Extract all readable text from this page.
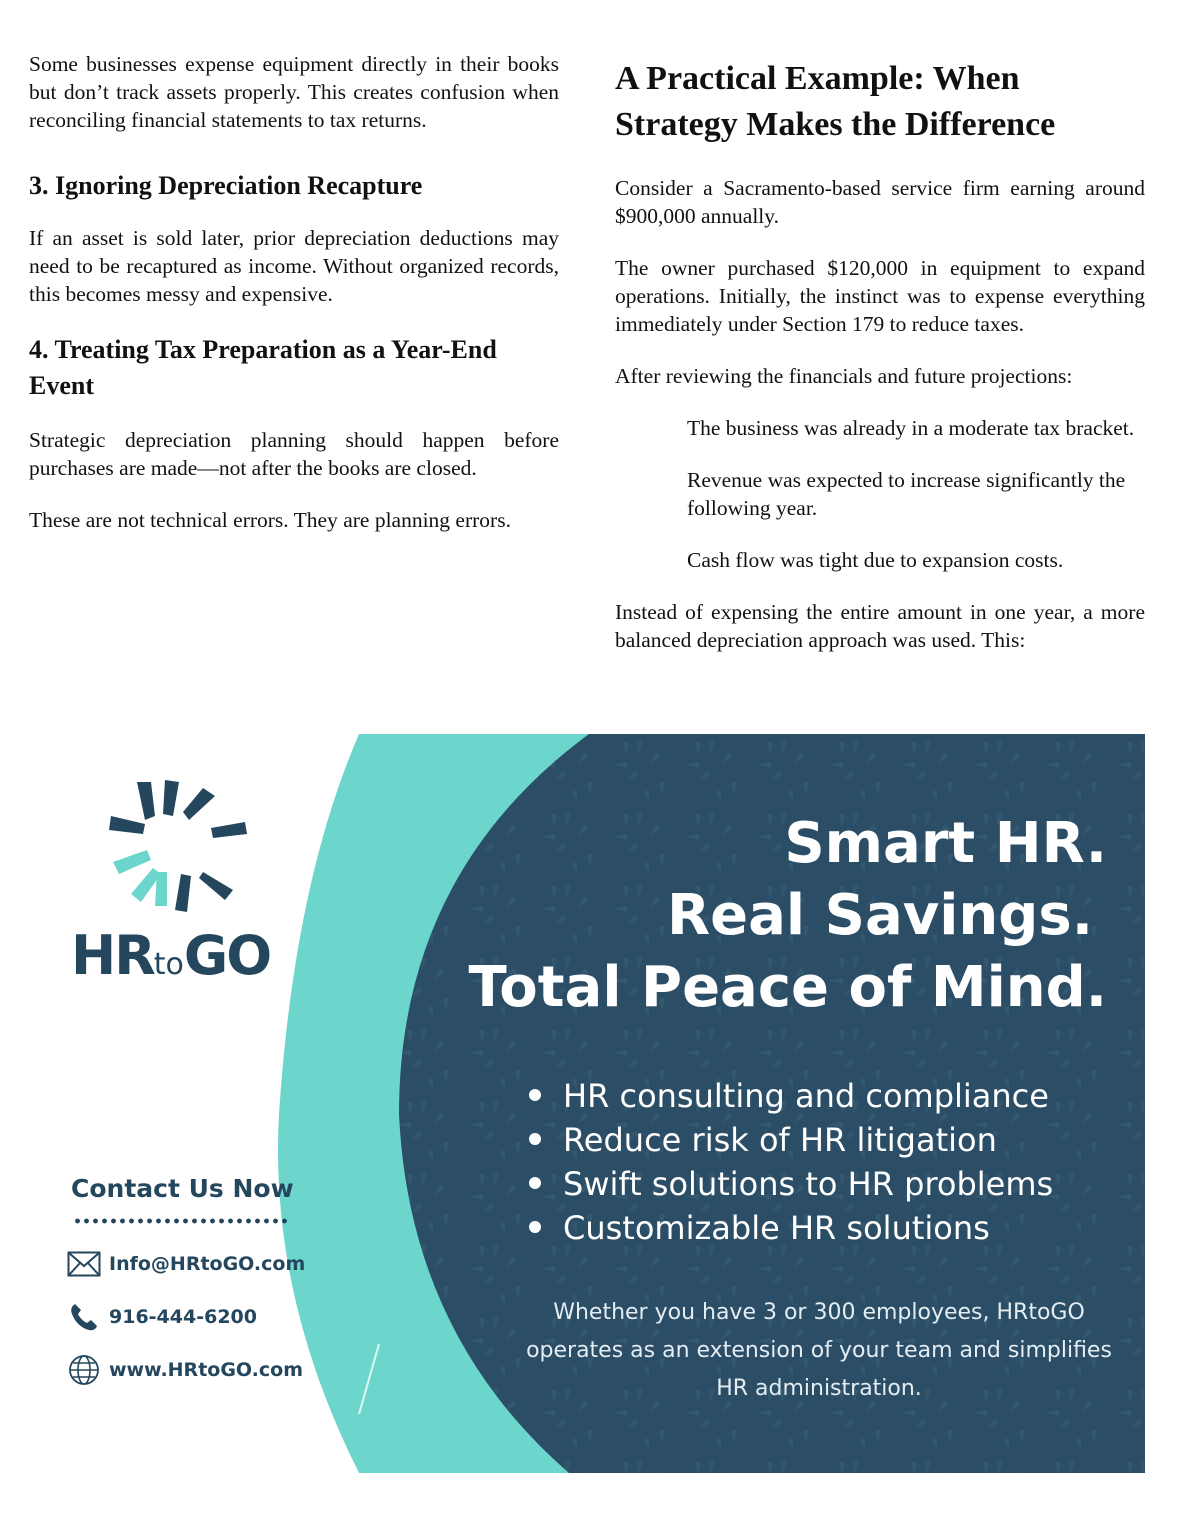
Some businesses expense equipment directly in their books but don’t track assets properly. This creates confusion when reconciling financial statements to tax returns.

3. Ignoring Depreciation Recapture

If an asset is sold later, prior depreciation deductions may need to be recaptured as income. Without organized records, this becomes messy and expensive.

4. Treating Tax Preparation as a Year-End Event

Strategic depreciation planning should happen before purchases are made—not after the books are closed.

These are not technical errors. They are planning errors.

A Practical Example: When Strategy Makes the Difference

Consider a Sacramento-based service firm earning around $900,000 annually.

The owner purchased $120,000 in equipment to expand operations. Initially, the instinct was to expense everything immediately under Section 179 to reduce taxes.

After reviewing the financials and future projections:

The business was already in a moderate tax bracket.

Revenue was expected to increase significantly the following year.

Cash flow was tight due to expansion costs.

Instead of expensing the entire amount in one year, a more balanced depreciation approach was used. This:

HRtoGO
Smart HR.
Real Savings.
Total Peace of Mind.
HR consulting and compliance
Reduce risk of HR litigation
Swift solutions to HR problems
Customizable HR solutions
Whether you have 3 or 300 employees, HRtoGO operates as an extension of your team and simplifies HR administration.
Contact Us Now
Info@HRtoGO.com
916-444-6200
www.HRtoGO.com
